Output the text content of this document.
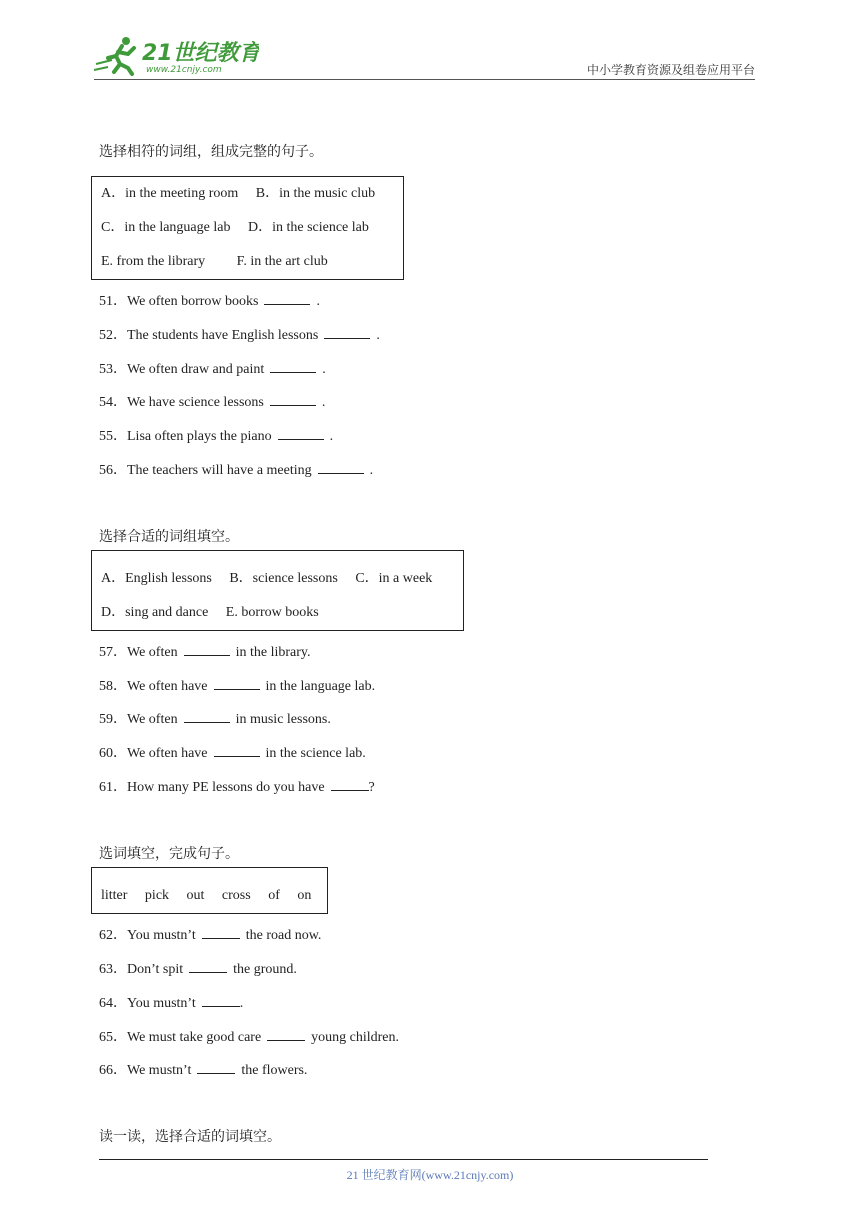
21世纪教育
www.21cnjy.com	中小学教育资源及组卷应用平台
选择相符的词组，组成完整的句子。
A．in the meeting room　 B．in the music club
C．in the language lab　 D．in the science lab
E. from the library　　 F. in the art club
51．We often borrow books	.
52．The students have English lessons	.
53．We often draw and paint	.
54．We have science lessons	.
55．Lisa often plays the piano	.
56．The teachers will have a meeting	.
选择合适的词组填空。
A．English lessons　 B．science lessons　 C．in a week
D．sing and dance　 E. borrow books
57．We often	in the library.
58．We often have	in the language lab.
59．We often	in music lessons.
60．We often have	in the science lab.
61．How many PE lessons do you have	?
选词填空，完成句子。
litter　 pick　 out　 cross　 of　 on
62．You mustn’t	the road now.
63．Don’t spit	the ground.
64．You mustn’t	.
65．We must take good care	young children.
66．We mustn’t	the flowers.
读一读，选择合适的词填空。
21 世纪教育网(www.21cnjy.com)
